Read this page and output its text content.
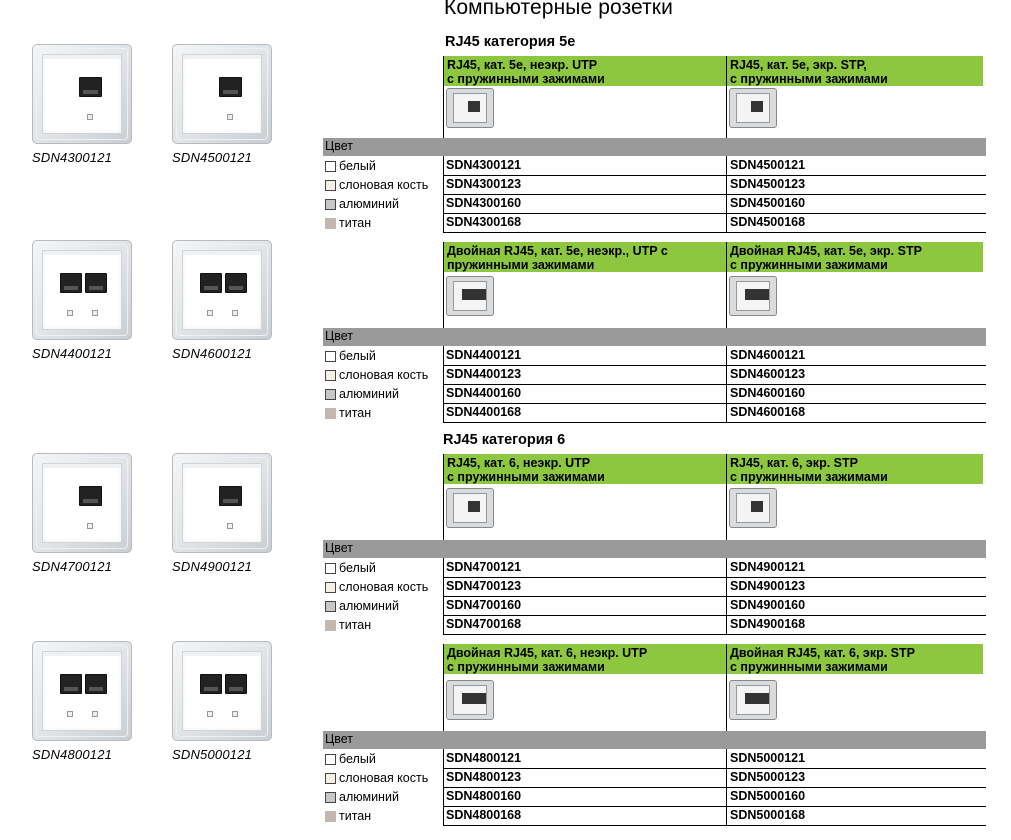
Компьютерные розетки
RJ45 категория 5е
RJ45 категория 6
SDN4300121	SDN4500121
SDN4400121	SDN4600121
SDN4700121	SDN4900121
SDN4800121	SDN5000121
RJ45, кат. 5е, неэкр. UTP
с пружинными зажимами
RJ45, кат. 5е, экр. STP,
с пружинными зажимами
Цвет
белый	SDN4300121	SDN4500121
слоновая кость SDN4300123	SDN4500123
алюминий	SDN4300160	SDN4500160
титан	SDN4300168	SDN4500168
Двойная RJ45, кат. 5е, неэкр., UTP с
пружинными зажимами
Двойная RJ45, кат. 5е, экр. STP
с пружинными зажимами
Цвет
белый	SDN4400121	SDN4600121
слоновая кость SDN4400123	SDN4600123
алюминий	SDN4400160	SDN4600160
титан	SDN4400168	SDN4600168
RJ45, кат. 6, неэкр. UTP
с пружинными зажимами
RJ45, кат. 6, экр. STP
с пружинными зажимами
Цвет
белый	SDN4700121	SDN4900121
слоновая кость SDN4700123	SDN4900123
алюминий	SDN4700160	SDN4900160
титан	SDN4700168	SDN4900168
Двойная RJ45, кат. 6, неэкр. UTP
с пружинными зажимами
Двойная RJ45, кат. 6, экр. STP
с пружинными зажимами
Цвет
белый	SDN4800121	SDN5000121
слоновая кость SDN4800123	SDN5000123
алюминий	SDN4800160	SDN5000160
титан	SDN4800168	SDN5000168
